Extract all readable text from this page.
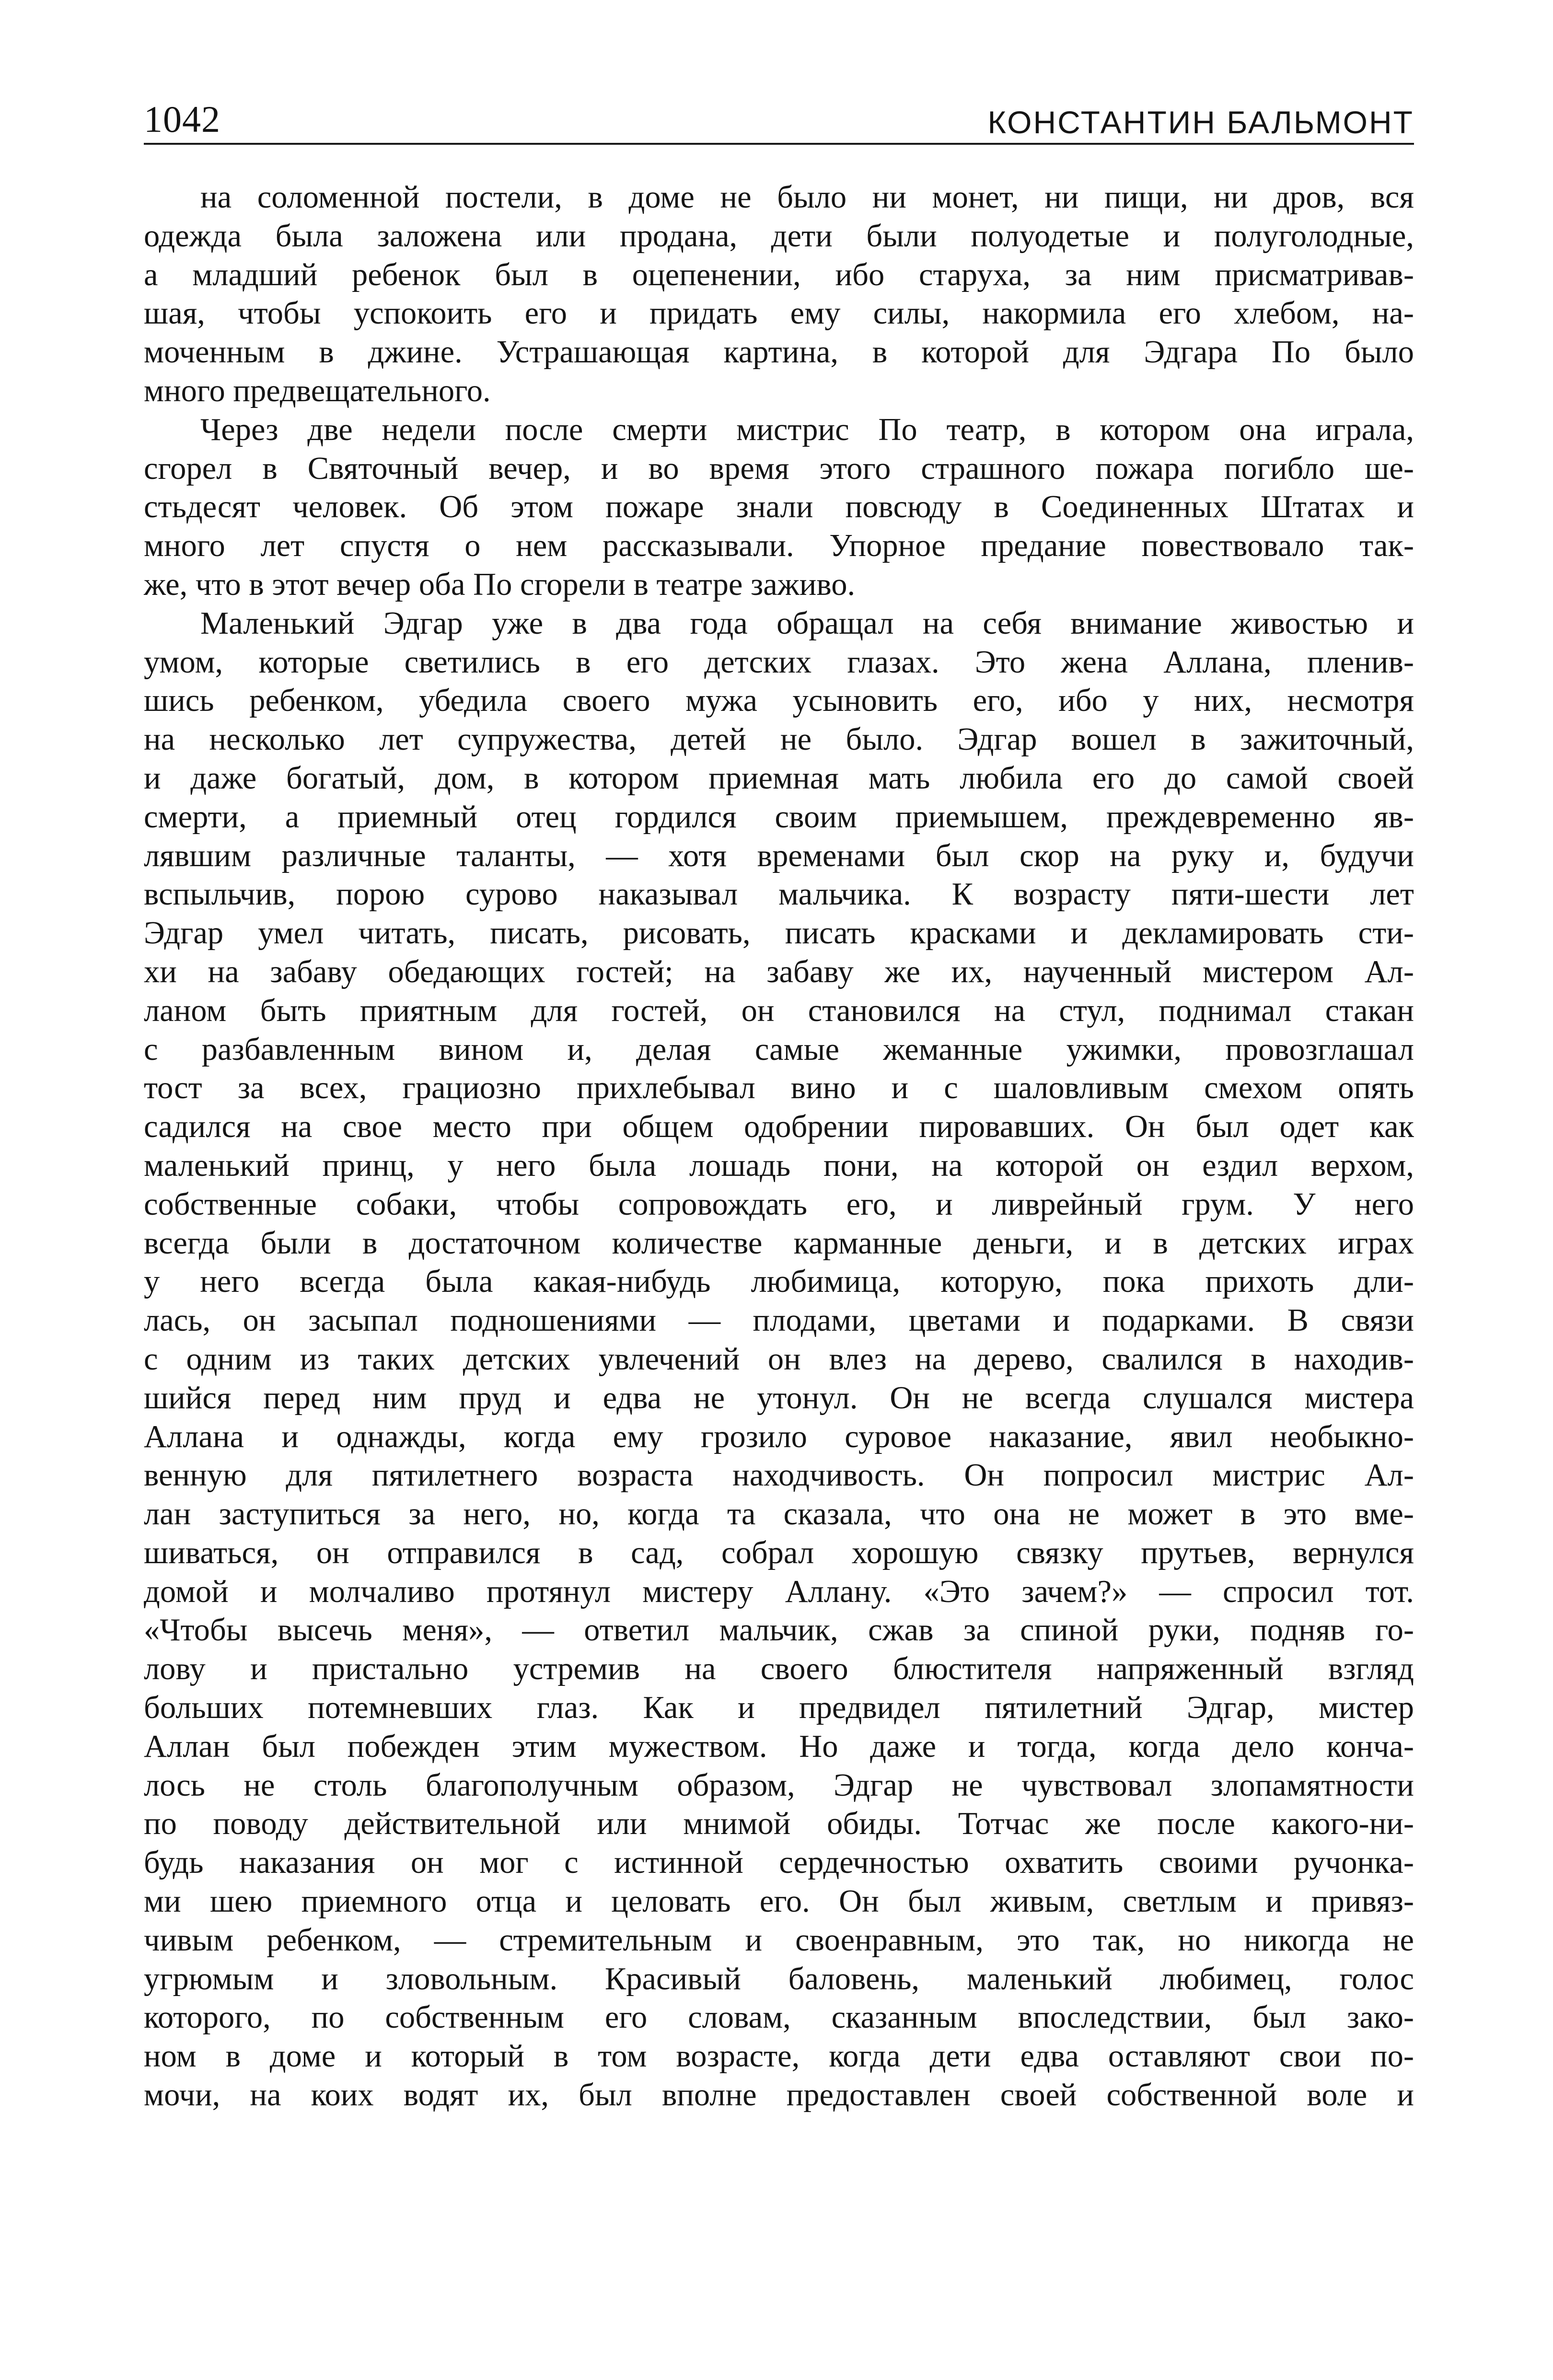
1042	КОНСТАНТИН БАЛЬМОНТ

на соломенной постели, в доме не было ни монет, ни пищи, ни дров, вся

одежда была заложена или продана, дети были полуодетые и полуголодные,

а младший ребенок был в оцепенении, ибо старуха, за ним присматривав-

шая, чтобы успокоить его и придать ему силы, накормила его хлебом, на-

моченным в джине. Устрашающая картина, в которой для Эдгара По было

много предвещательного.

Через две недели после смерти мистрис По театр, в котором она играла,

сгорел в Святочный вечер, и во время этого страшного пожара погибло ше-

стьдесят человек. Об этом пожаре знали повсюду в Соединенных Штатах и

много лет спустя о нем рассказывали. Упорное предание повествовало так-

же, что в этот вечер оба По сгорели в театре заживо.

Маленький Эдгар уже в два года обращал на себя внимание живостью и

умом, которые светились в его детских глазах. Это жена Аллана, пленив-

шись ребенком, убедила своего мужа усыновить его, ибо у них, несмотря

на несколько лет супружества, детей не было. Эдгар вошел в зажиточный,

и даже богатый, дом, в котором приемная мать любила его до самой своей

смерти, а приемный отец гордился своим приемышем, преждевременно яв-

лявшим различные таланты, — хотя временами был скор на руку и, будучи

вспыльчив, порою сурово наказывал мальчика. К возрасту пяти-шести лет

Эдгар умел читать, писать, рисовать, писать красками и декламировать сти-

хи на забаву обедающих гостей; на забаву же их, наученный мистером Ал-

ланом быть приятным для гостей, он становился на стул, поднимал стакан

с разбавленным вином и, делая самые жеманные ужимки, провозглашал

тост за всех, грациозно прихлебывал вино и с шаловливым смехом опять

садился на свое место при общем одобрении пировавших. Он был одет как

маленький принц, у него была лошадь пони, на которой он ездил верхом,

собственные собаки, чтобы сопровождать его, и ливрейный грум. У него

всегда были в достаточном количестве карманные деньги, и в детских играх

у него всегда была какая-нибудь любимица, которую, пока прихоть дли-

лась, он засыпал подношениями — плодами, цветами и подарками. В связи

с одним из таких детских увлечений он влез на дерево, свалился в находив-

шийся перед ним пруд и едва не утонул. Он не всегда слушался мистера

Аллана и однажды, когда ему грозило суровое наказание, явил необыкно-

венную для пятилетнего возраста находчивость. Он попросил мистрис Ал-

лан заступиться за него, но, когда та сказала, что она не может в это вме-

шиваться, он отправился в сад, собрал хорошую связку прутьев, вернулся

домой и молчаливо протянул мистеру Аллану. «Это зачем?» — спросил тот.

«Чтобы высечь меня», — ответил мальчик, сжав за спиной руки, подняв го-

лову и пристально устремив на своего блюстителя напряженный взгляд

больших потемневших глаз. Как и предвидел пятилетний Эдгар, мистер

Аллан был побежден этим мужеством. Но даже и тогда, когда дело конча-

лось не столь благополучным образом, Эдгар не чувствовал злопамятности

по поводу действительной или мнимой обиды. Тотчас же после какого-ни-

будь наказания он мог с истинной сердечностью охватить своими ручонка-

ми шею приемного отца и целовать его. Он был живым, светлым и привяз-

чивым ребенком, — стремительным и своенравным, это так, но никогда не

угрюмым и зловольным. Красивый баловень, маленький любимец, голос

которого, по собственным его словам, сказанным впоследствии, был зако-

ном в доме и который в том возрасте, когда дети едва оставляют свои по-

мочи, на коих водят их, был вполне предоставлен своей собственной воле и
